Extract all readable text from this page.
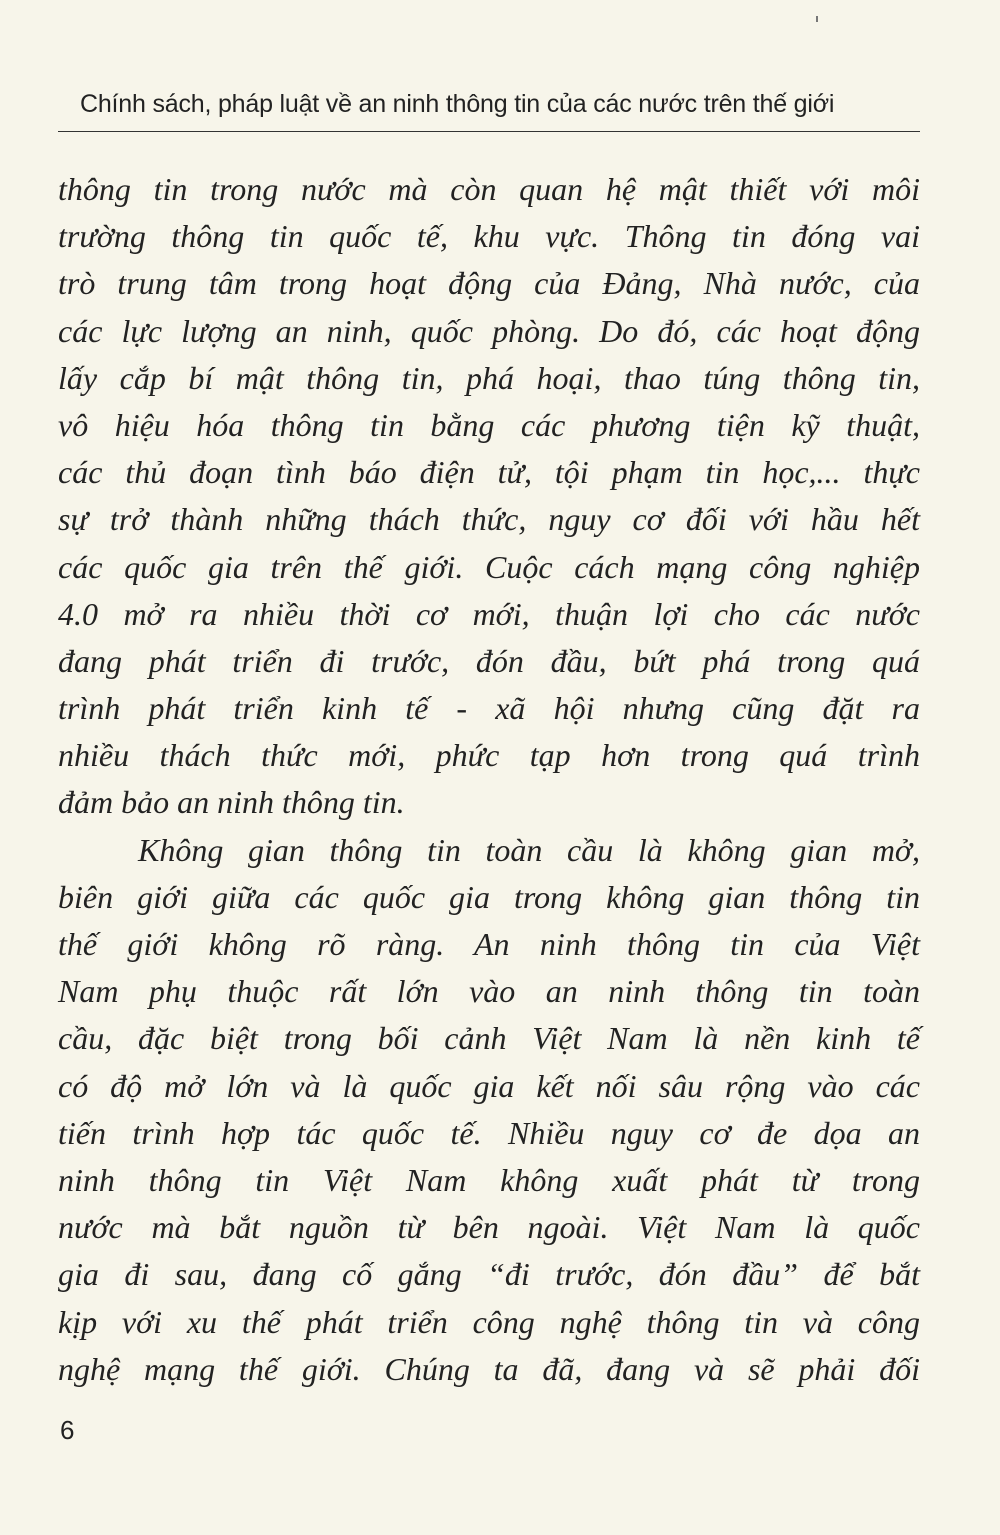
Chính sách, pháp luật về an ninh thông tin của các nước trên thế giới
thông tin trong nước mà còn quan hệ mật thiết với môi
trường thông tin quốc tế, khu vực. Thông tin đóng vai
trò trung tâm trong hoạt động của Đảng, Nhà nước, của
các lực lượng an ninh, quốc phòng. Do đó, các hoạt động
lấy cắp bí mật thông tin, phá hoại, thao túng thông tin,
vô hiệu hóa thông tin bằng các phương tiện kỹ thuật,
các thủ đoạn tình báo điện tử, tội phạm tin học,... thực
sự trở thành những thách thức, nguy cơ đối với hầu hết
các quốc gia trên thế giới. Cuộc cách mạng công nghiệp
4.0 mở ra nhiều thời cơ mới, thuận lợi cho các nước
đang phát triển đi trước, đón đầu, bứt phá trong quá
trình phát triển kinh tế - xã hội nhưng cũng đặt ra
nhiều thách thức mới, phức tạp hơn trong quá trình
đảm bảo an ninh thông tin.
Không gian thông tin toàn cầu là không gian mở,
biên giới giữa các quốc gia trong không gian thông tin
thế giới không rõ ràng. An ninh thông tin của Việt
Nam phụ thuộc rất lớn vào an ninh thông tin toàn
cầu, đặc biệt trong bối cảnh Việt Nam là nền kinh tế
có độ mở lớn và là quốc gia kết nối sâu rộng vào các
tiến trình hợp tác quốc tế. Nhiều nguy cơ đe dọa an
ninh thông tin Việt Nam không xuất phát từ trong
nước mà bắt nguồn từ bên ngoài. Việt Nam là quốc
gia đi sau, đang cố gắng “đi trước, đón đầu” để bắt
kịp với xu thế phát triển công nghệ thông tin và công
nghệ mạng thế giới. Chúng ta đã, đang và sẽ phải đối
6
